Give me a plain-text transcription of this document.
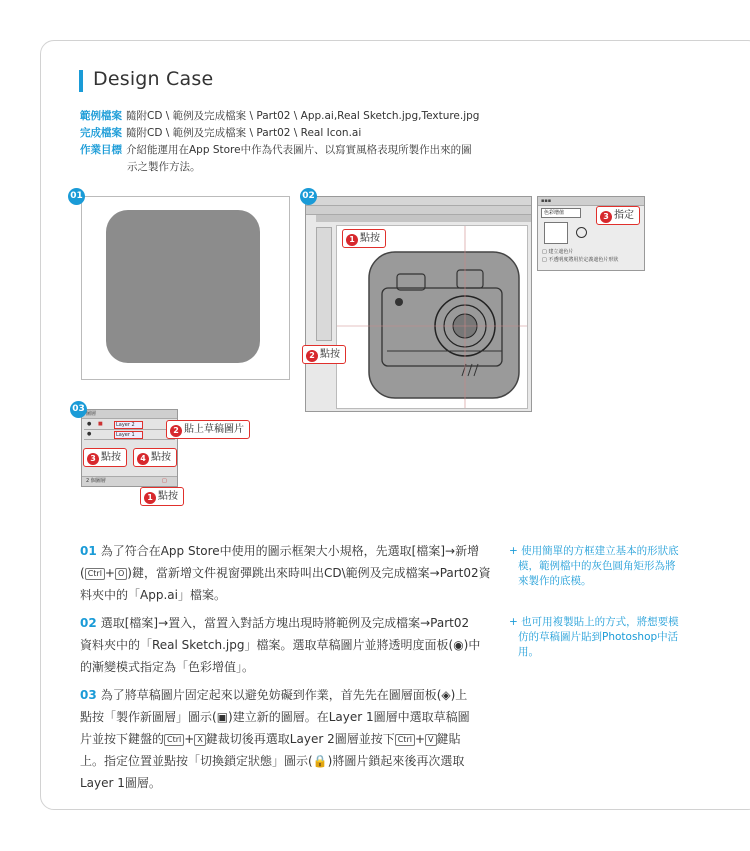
Design Case
範例檔案 隨附CD \ 範例及完成檔案 \ Part02 \ App.ai,Real Sketch.jpg,Texture.jpg
完成檔案 隨附CD \ 範例及完成檔案 \ Part02 \ Real Icon.ai
作業目標 介紹能運用在App Store中作為代表圖片、以寫實風格表現所製作出來的圖
示之製作方法。
01	02
1 點按
2 點按
▪▪▪
色彩增值
□ 建立遮色片
□ 不透明度將用於定義遮色片形狀
3 指定
圖層
● ■	Layer 2
●	Layer 1
2 個圖層	□
03
2 貼上草稿圖片
3 點按	4 點按
1 點按
01 為了符合在App Store中使用的圖示框架大小規格，先選取[檔案]→新增
( Ctrl + O )鍵，當新增文件視窗彈跳出來時叫出CD\範例及完成檔案→Part02資
料夾中的「App.ai」檔案。
02 選取[檔案]→置入，當置入對話方塊出現時將範例及完成檔案→Part02
資料夾中的「Real Sketch.jpg」檔案。選取草稿圖片並將透明度面板(◉)中
的漸變模式指定為「色彩增值」。
03 為了將草稿圖片固定起來以避免妨礙到作業，首先先在圖層面板(◈)上
點按「製作新圖層」圖示(▣)建立新的圖層。在Layer 1圖層中選取草稿圖
片並按下鍵盤的 Ctrl + X 鍵裁切後再選取Layer 2圖層並按下 Ctrl + V 鍵貼
上。指定位置並點按「切換鎖定狀態」圖示(🔒)將圖片鎖起來後再次選取
Layer 1圖層。
+ 使用簡單的方框建立基本的形狀底模，範例檔中的灰色圓角矩形為將來製作的底模。
+ 也可用複製貼上的方式，將想要模仿的草稿圖片貼到Photoshop中活用。
